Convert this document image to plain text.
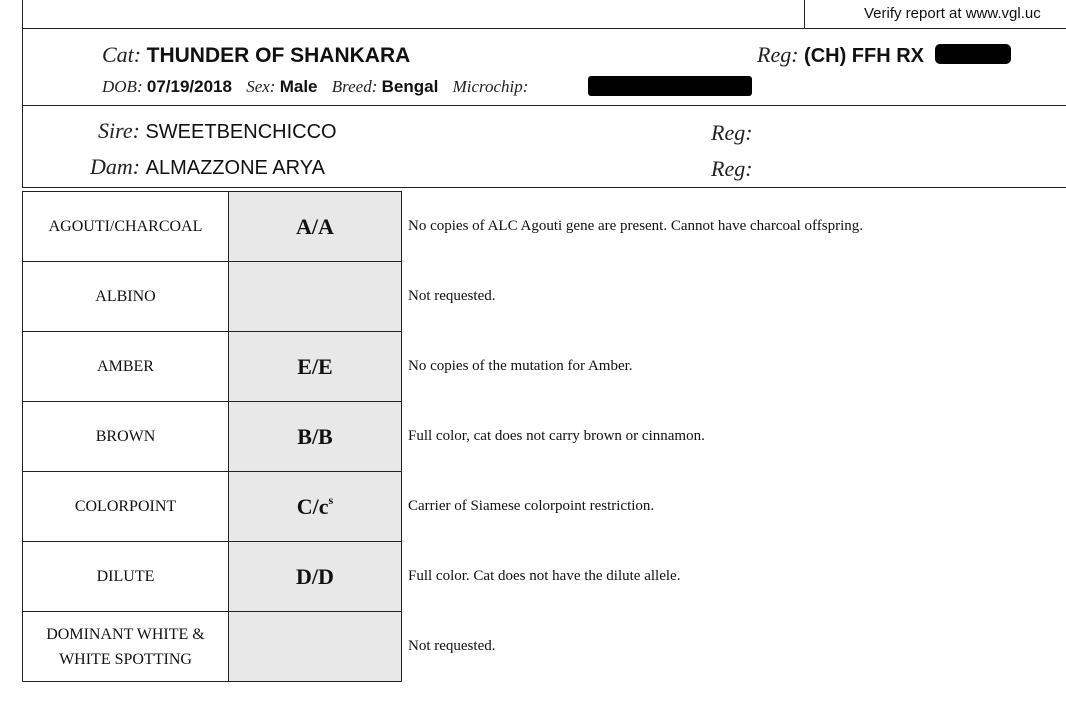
Verify report at www.vgl.uc
Cat: THUNDER OF SHANKARA	Reg: (CH) FFH RX
DOB: 07/19/2018 Sex: Male Breed: Bengal Microchip:
Sire: SWEETBENCHICCO	Reg:
Dam: ALMAZZONE ARYA	Reg:
AGOUTI/CHARCOAL	A/A	No copies of ALC Agouti gene are present. Cannot have charcoal offspring.
ALBINO		Not requested.
AMBER	E/E	No copies of the mutation for Amber.
BROWN	B/B	Full color, cat does not carry brown or cinnamon.
COLORPOINT	$C/c^s$	Carrier of Siamese colorpoint restriction.
DILUTE	D/D	Full color. Cat does not have the dilute allele.
DOMINANT WHITE &
WHITE SPOTTING		Not requested.
